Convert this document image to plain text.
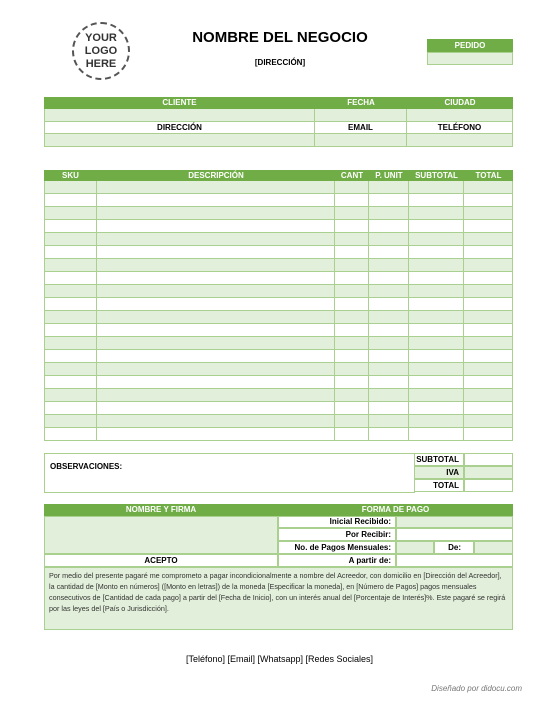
YOUR
LOGO
HERE
NOMBRE DEL NEGOCIO
[DIRECCIÓN]
PEDIDO
CLIENTE	FECHA	CIUDAD
DIRECCIÓN	EMAIL	TELÉFONO
SKU	DESCRIPCIÓN	CANT	P. UNIT	SUBTOTAL	TOTAL
OBSERVACIONES:
SUBTOTAL
IVA
TOTAL
NOMBRE Y FIRMA	FORMA DE PAGO
Inicial Recibido:
Por Recibir:
No. de Pagos Mensuales:	De:
ACEPTO	A partir de:
Por medio del presente pagaré me comprometo a pagar incondicionalmente a nombre del Acreedor, con domicilio en [Dirección del Acreedor], la cantidad de [Monto en números] ([Monto en letras]) de la moneda [Especificar la moneda], en [Número de Pagos] pagos mensuales consecutivos de [Cantidad de cada pago] a partir del [Fecha de Inicio], con un interés anual del [Porcentaje de Interés]%. Este pagaré se regirá por las leyes del [País o Jurisdicción].
[Teléfono] [Email] [Whatsapp] [Redes Sociales]
Diseñado por didocu.com
